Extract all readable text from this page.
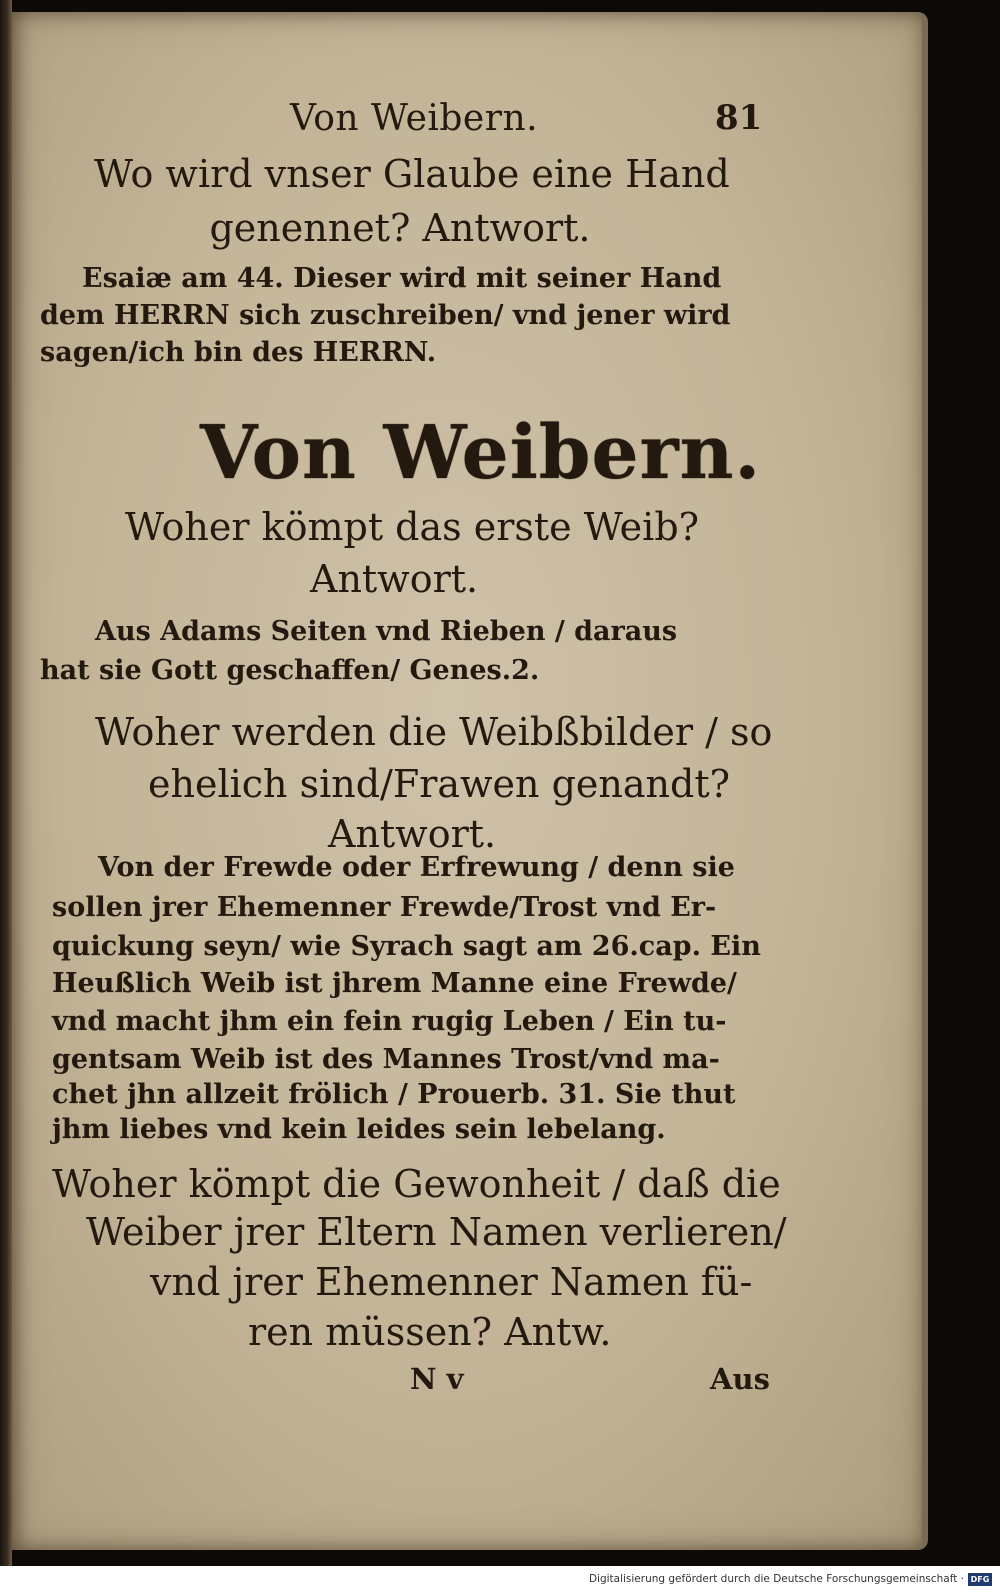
Von Weibern.	81

Wo wird vnser Glaube eine Hand

genennet? Antwort.

Esaiæ am 44. Dieser wird mit seiner Hand

dem HERRN sich zuschreiben/ vnd jener wird

sagen/ich bin des HERRN.

Von Weibern.

Woher kömpt das erste Weib?

Antwort.

Aus Adams Seiten vnd Rieben / daraus

hat sie Gott geschaffen/ Genes.2.

Woher werden die Weibßbilder / so

ehelich sind/Frawen genandt?

Antwort.

Von der Frewde oder Erfrewung / denn sie

sollen jrer Ehemenner Frewde/Trost vnd Er-

quickung seyn/ wie Syrach sagt am 26.cap. Ein

Heußlich Weib ist jhrem Manne eine Frewde/

vnd macht jhm ein fein rugig Leben / Ein tu-

gentsam Weib ist des Mannes Trost/vnd ma-

chet jhn allzeit frölich / Prouerb. 31. Sie thut

jhm liebes vnd kein leides sein lebelang.

Woher kömpt die Gewonheit / daß die

Weiber jrer Eltern Namen verlieren/

vnd jrer Ehemenner Namen fü-

ren müssen? Antw.

N v	Aus

Digitalisierung gefördert durch die Deutsche Forschungsgemeinschaft · DFG
